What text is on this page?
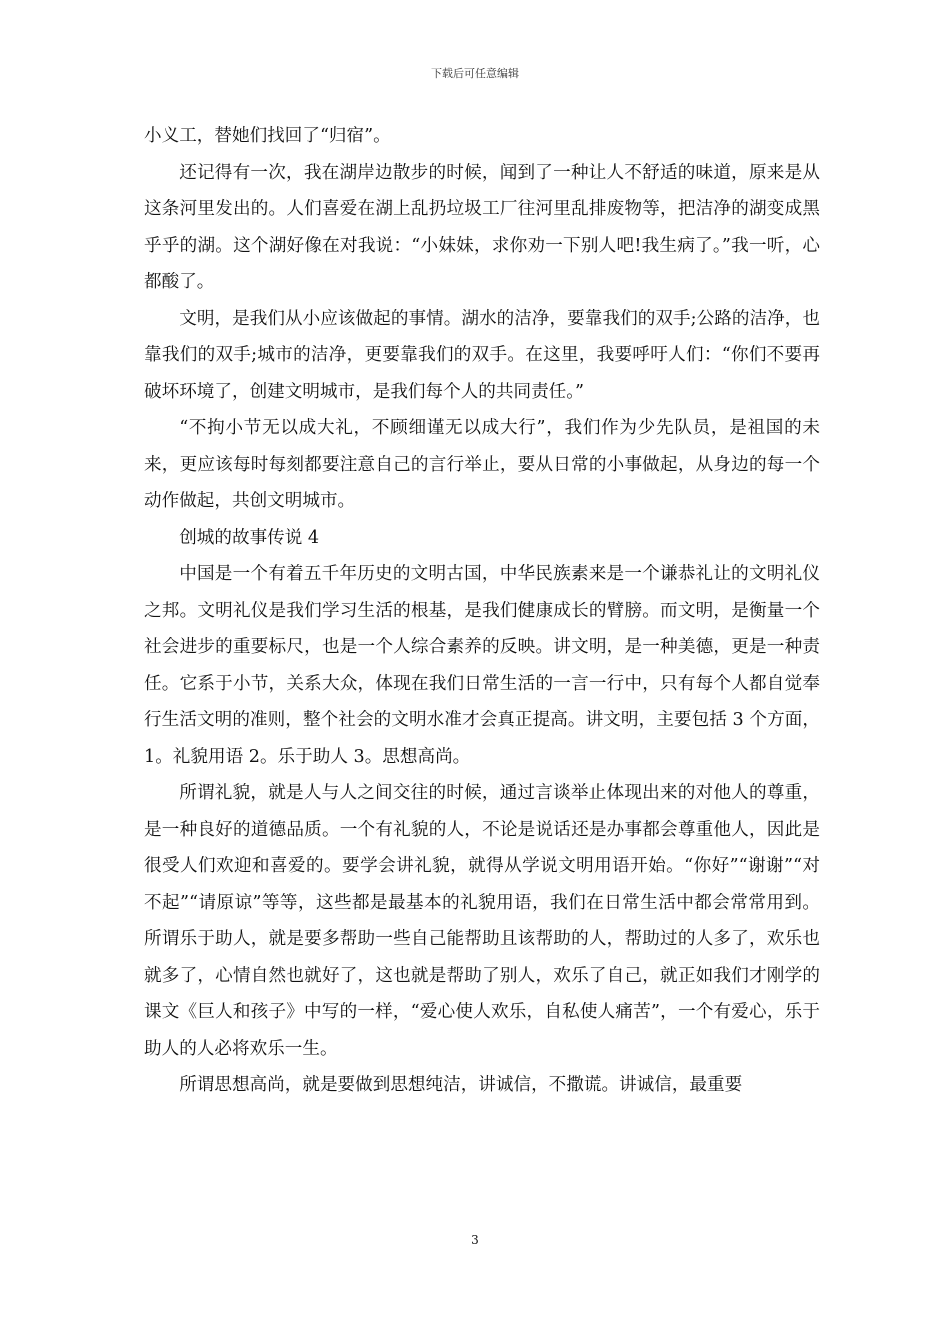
下载后可任意编辑

小义工，替她们找回了“归宿”。

还记得有一次，我在湖岸边散步的时候，闻到了一种让人不舒适的味道，原来是从这条河里发出的。人们喜爱在湖上乱扔垃圾工厂往河里乱排废物等，把洁净的湖变成黑乎乎的湖。这个湖好像在对我说：“小妹妹，求你劝一下别人吧!我生病了。”我一听，心都酸了。

文明，是我们从小应该做起的事情。湖水的洁净，要靠我们的双手;公路的洁净，也靠我们的双手;城市的洁净，更要靠我们的双手。在这里，我要呼吁人们：“你们不要再破坏环境了，创建文明城市，是我们每个人的共同责任。”

“不拘小节无以成大礼，不顾细谨无以成大行”，我们作为少先队员，是祖国的未来，更应该每时每刻都要注意自己的言行举止，要从日常的小事做起，从身边的每一个动作做起，共创文明城市。

创城的故事传说 4

中国是一个有着五千年历史的文明古国，中华民族素来是一个谦恭礼让的文明礼仪之邦。文明礼仪是我们学习生活的根基，是我们健康成长的臂膀。而文明，是衡量一个社会进步的重要标尺，也是一个人综合素养的反映。讲文明，是一种美德，更是一种责任。它系于小节，关系大众，体现在我们日常生活的一言一行中，只有每个人都自觉奉行生活文明的准则，整个社会的文明水准才会真正提高。讲文明，主要包括 3 个方面，1。礼貌用语 2。乐于助人 3。思想高尚。

所谓礼貌，就是人与人之间交往的时候，通过言谈举止体现出来的对他人的尊重，是一种良好的道德品质。一个有礼貌的人，不论是说话还是办事都会尊重他人，因此是很受人们欢迎和喜爱的。要学会讲礼貌，就得从学说文明用语开始。“你好”“谢谢”“对不起”“请原谅”等等，这些都是最基本的礼貌用语，我们在日常生活中都会常常用到。所谓乐于助人，就是要多帮助一些自己能帮助且该帮助的人，帮助过的人多了，欢乐也就多了，心情自然也就好了，这也就是帮助了别人，欢乐了自己，就正如我们才刚学的课文《巨人和孩子》中写的一样，“爱心使人欢乐，自私使人痛苦”，一个有爱心，乐于助人的人必将欢乐一生。

所谓思想高尚，就是要做到思想纯洁，讲诚信，不撒谎。讲诚信，最重要

3
